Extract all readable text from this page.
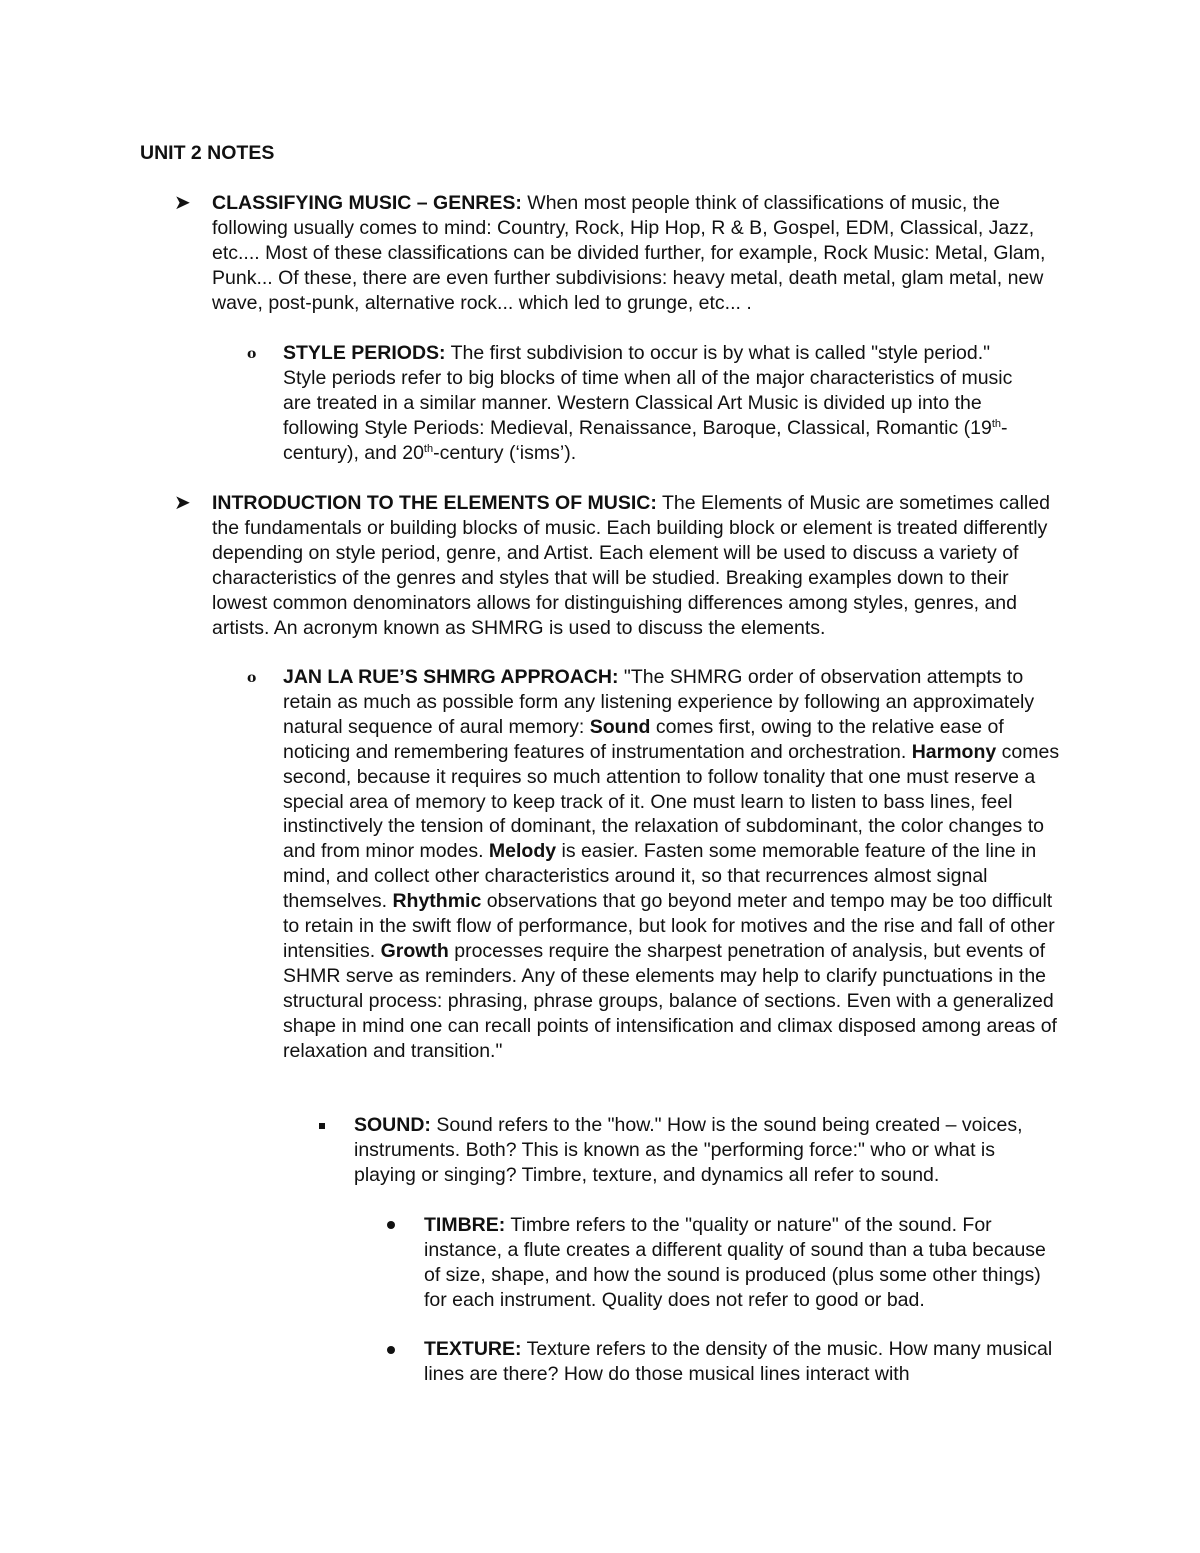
UNIT 2 NOTES
➤ CLASSIFYING MUSIC – GENRES: When most people think of classifications of music, the following usually comes to mind: Country, Rock, Hip Hop, R & B, Gospel, EDM, Classical, Jazz, etc.... Most of these classifications can be divided further, for example, Rock Music: Metal, Glam, Punk... Of these, there are even further subdivisions: heavy metal, death metal, glam metal, new wave, post-punk, alternative rock... which led to grunge, etc... .
o STYLE PERIODS: The first subdivision to occur is by what is called "style period." Style periods refer to big blocks of time when all of the major characteristics of music are treated in a similar manner. Western Classical Art Music is divided up into the following Style Periods: Medieval, Renaissance, Baroque, Classical, Romantic (19th-century), and 20th-century (‘isms’).
➤ INTRODUCTION TO THE ELEMENTS OF MUSIC: The Elements of Music are sometimes called the fundamentals or building blocks of music. Each building block or element is treated differently depending on style period, genre, and Artist. Each element will be used to discuss a variety of characteristics of the genres and styles that will be studied. Breaking examples down to their lowest common denominators allows for distinguishing differences among styles, genres, and artists. An acronym known as SHMRG is used to discuss the elements.
o JAN LA RUE’S SHMRG APPROACH: "The SHMRG order of observation attempts to retain as much as possible form any listening experience by following an approximately natural sequence of aural memory: Sound comes first, owing to the relative ease of noticing and remembering features of instrumentation and orchestration. Harmony comes second, because it requires so much attention to follow tonality that one must reserve a special area of memory to keep track of it. One must learn to listen to bass lines, feel instinctively the tension of dominant, the relaxation of subdominant, the color changes to and from minor modes. Melody is easier. Fasten some memorable feature of the line in mind, and collect other characteristics around it, so that recurrences almost signal themselves. Rhythmic observations that go beyond meter and tempo may be too difficult to retain in the swift flow of performance, but look for motives and the rise and fall of other intensities. Growth processes require the sharpest penetration of analysis, but events of SHMR serve as reminders. Any of these elements may help to clarify punctuations in the structural process: phrasing, phrase groups, balance of sections. Even with a generalized shape in mind one can recall points of intensification and climax disposed among areas of relaxation and transition."
SOUND: Sound refers to the "how." How is the sound being created – voices, instruments. Both? This is known as the "performing force:" who or what is playing or singing? Timbre, texture, and dynamics all refer to sound.
TIMBRE: Timbre refers to the "quality or nature" of the sound. For instance, a flute creates a different quality of sound than a tuba because of size, shape, and how the sound is produced (plus some other things) for each instrument. Quality does not refer to good or bad.
TEXTURE: Texture refers to the density of the music. How many musical lines are there? How do those musical lines interact with
